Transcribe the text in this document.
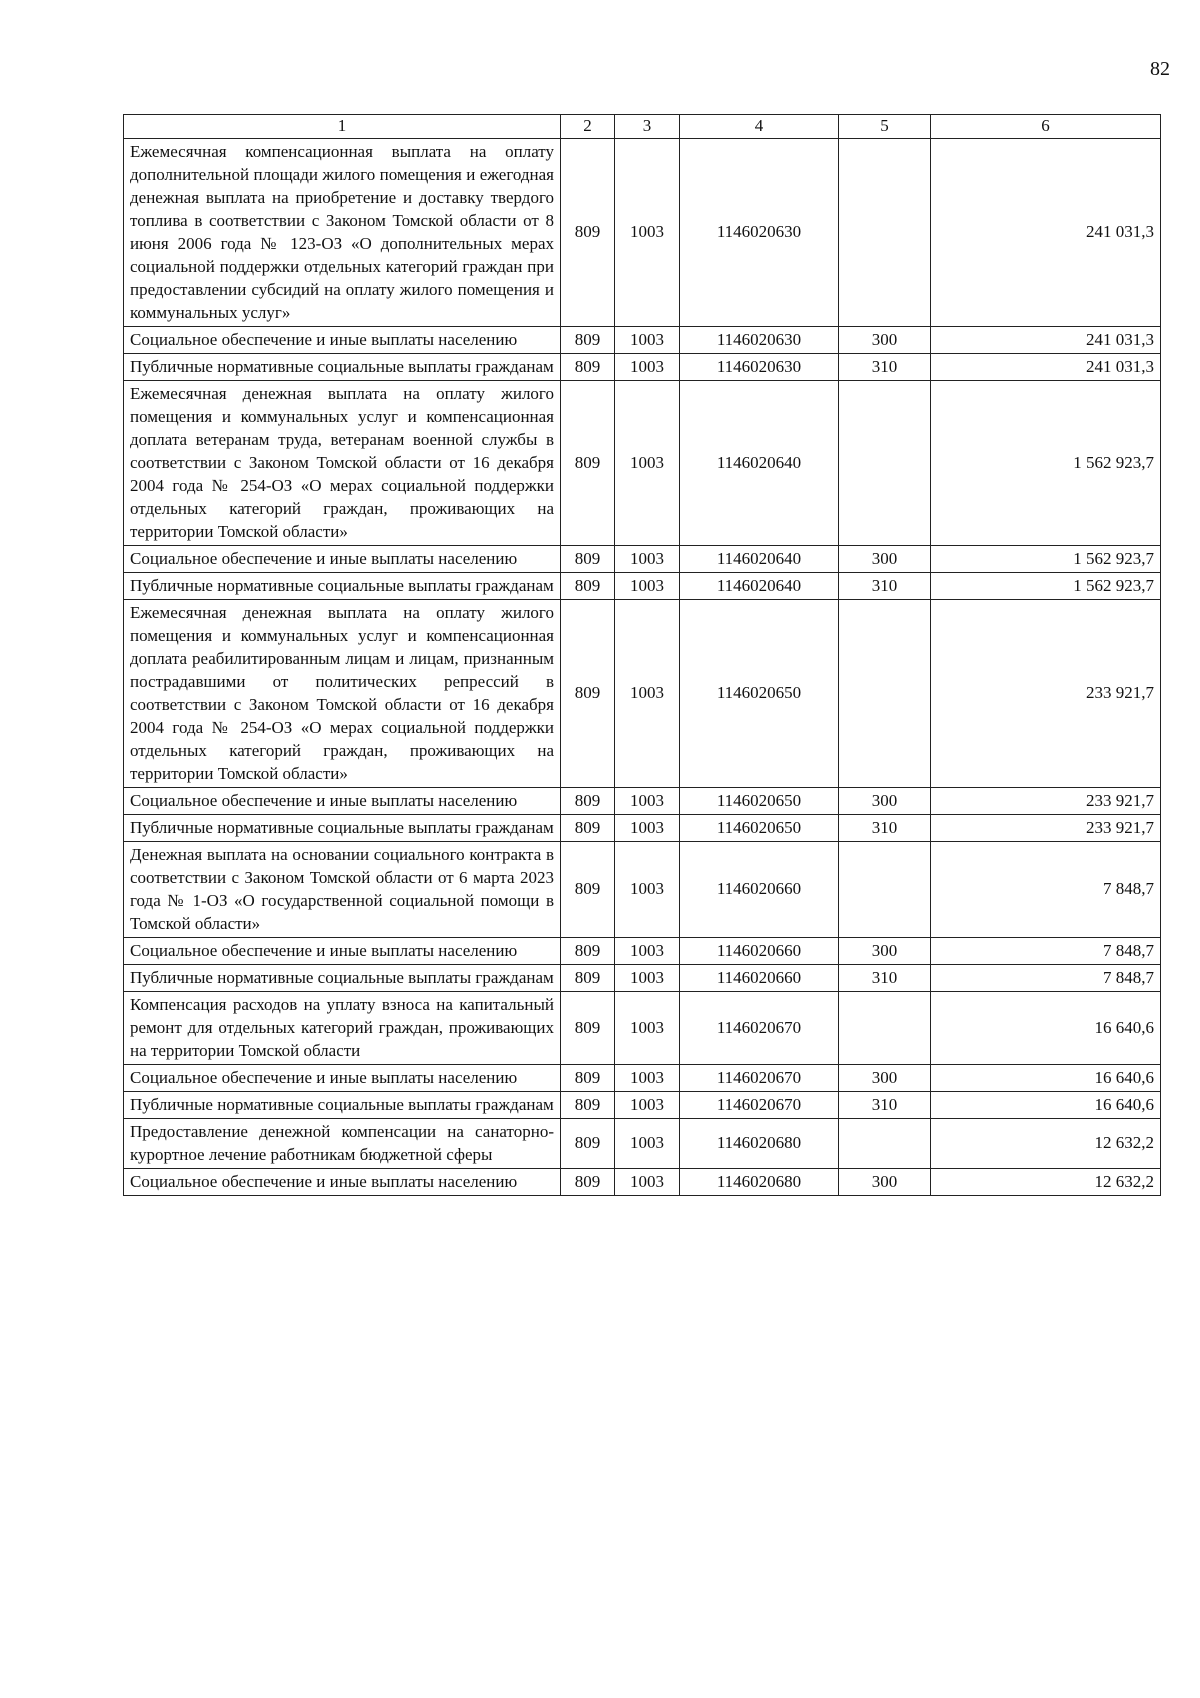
82
1	2	3	4	5	6
Ежемесячная компенсационная выплата на оплату дополнительной площади жилого помещения и ежегодная денежная выплата на приобретение и доставку твердого топлива в соответствии с Законом Томской области от 8 июня 2006 года № 123-ОЗ «О дополнительных мерах социальной поддержки отдельных категорий граждан при предоставлении субсидий на оплату жилого помещения и коммунальных услуг»	809	1003	1146020630		241 031,3
Социальное обеспечение и иные выплаты населению	809	1003	1146020630	300	241 031,3
Публичные нормативные социальные выплаты гражданам	809	1003	1146020630	310	241 031,3
Ежемесячная денежная выплата на оплату жилого помещения и коммунальных услуг и компенсационная доплата ветеранам труда, ветеранам военной службы в соответствии с Законом Томской области от 16 декабря 2004 года № 254-ОЗ «О мерах социальной поддержки отдельных категорий граждан, проживающих на территории Томской области»	809	1003	1146020640		1 562 923,7
Социальное обеспечение и иные выплаты населению	809	1003	1146020640	300	1 562 923,7
Публичные нормативные социальные выплаты гражданам	809	1003	1146020640	310	1 562 923,7
Ежемесячная денежная выплата на оплату жилого помещения и коммунальных услуг и компенсационная доплата реабилитированным лицам и лицам, признанным пострадавшими от политических репрессий в соответствии с Законом Томской области от 16 декабря 2004 года № 254-ОЗ «О мерах социальной поддержки отдельных категорий граждан, проживающих на территории Томской области»	809	1003	1146020650		233 921,7
Социальное обеспечение и иные выплаты населению	809	1003	1146020650	300	233 921,7
Публичные нормативные социальные выплаты гражданам	809	1003	1146020650	310	233 921,7
Денежная выплата на основании социального контракта в соответствии с Законом Томской области от 6 марта 2023 года № 1-ОЗ «О государственной социальной помощи в Томской области»	809	1003	1146020660		7 848,7
Социальное обеспечение и иные выплаты населению	809	1003	1146020660	300	7 848,7
Публичные нормативные социальные выплаты гражданам	809	1003	1146020660	310	7 848,7
Компенсация расходов на уплату взноса на капитальный ремонт для отдельных категорий граждан, проживающих на территории Томской области	809	1003	1146020670		16 640,6
Социальное обеспечение и иные выплаты населению	809	1003	1146020670	300	16 640,6
Публичные нормативные социальные выплаты гражданам	809	1003	1146020670	310	16 640,6
Предоставление денежной компенсации на санаторно-курортное лечение работникам бюджетной сферы	809	1003	1146020680		12 632,2
Социальное обеспечение и иные выплаты населению	809	1003	1146020680	300	12 632,2
